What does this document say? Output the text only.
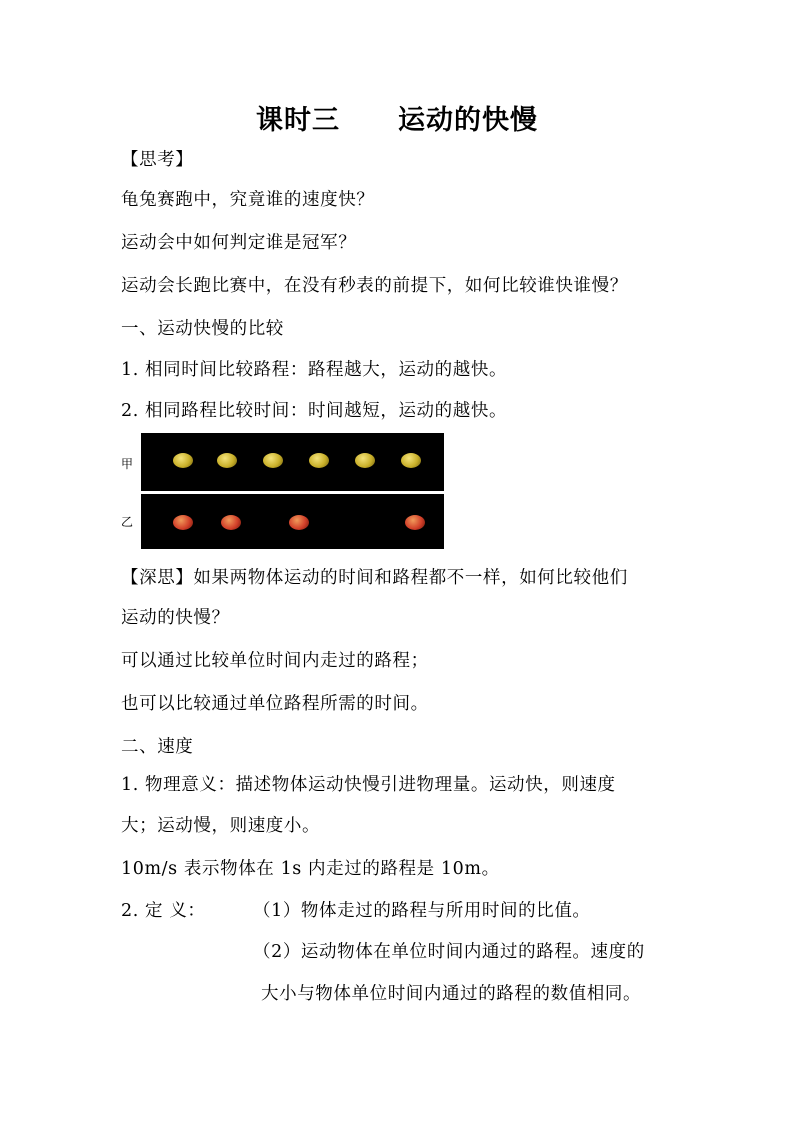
课时三 运动的快慢
【思考】
龟兔赛跑中，究竟谁的速度快？
运动会中如何判定谁是冠军？
运动会长跑比赛中，在没有秒表的前提下，如何比较谁快谁慢？
一、运动快慢的比较
1. 相同时间比较路程：路程越大，运动的越快。
2. 相同路程比较时间：时间越短，运动的越快。
甲
乙
【深思】如果两物体运动的时间和路程都不一样，如何比较他们
运动的快慢？
可以通过比较单位时间内走过的路程；
也可以比较通过单位路程所需的时间。
二、速度
1. 物理意义：描述物体运动快慢引进物理量。运动快，则速度
大；运动慢，则速度小。
10m/s 表示物体在 1s 内走过的路程是 10m。
2. 定 义：	（1）物体走过的路程与所用时间的比值。
（2）运动物体在单位时间内通过的路程。速度的
大小与物体单位时间内通过的路程的数值相同。
